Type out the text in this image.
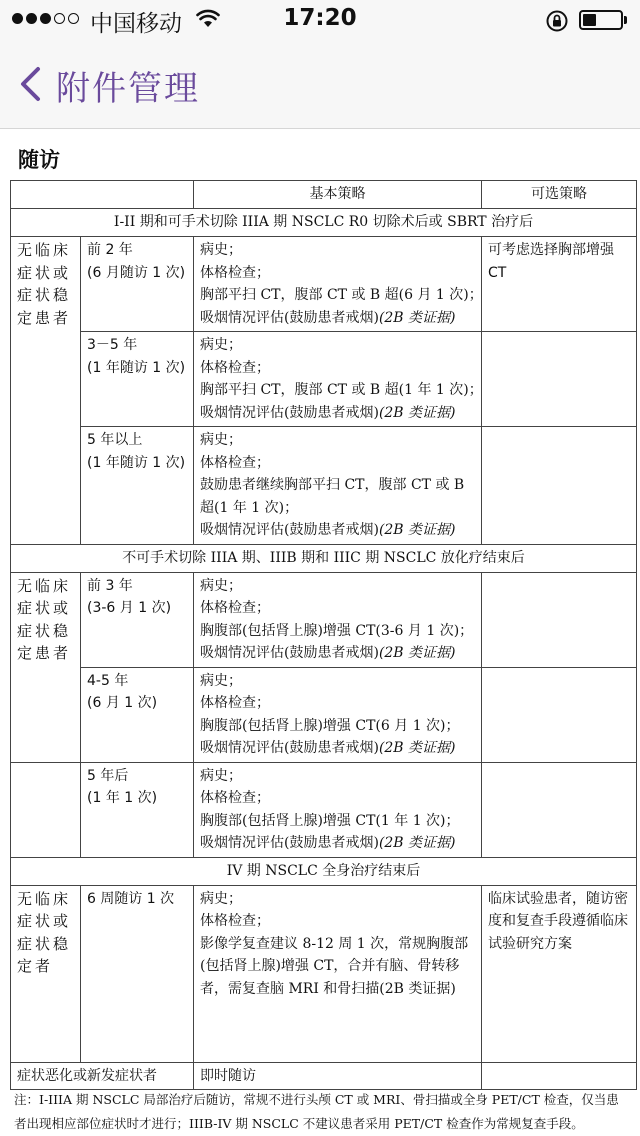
中国移动	17:20
附件管理
随访
		基本策略	可选策略
I-II 期和可手术切除 IIIA 期 NSCLC R0 切除术后或 SBRT 治疗后			
无临床症状或症状稳定患者	前 2 年
(6 月随访 1 次)	病史；
体格检查；
胸部平扫 CT，腹部 CT 或 B 超(6 月 1 次)；
吸烟情况评估(鼓励患者戒烟)(2B 类证据)	可考虑选择胸部增强 CT

	3－5 年
(1 年随访 1 次)	病史；
体格检查；
胸部平扫 CT，腹部 CT 或 B 超(1 年 1 次)；
吸烟情况评估(鼓励患者戒烟)(2B 类证据)	

	5 年以上
(1 年随访 1 次)	病史；
体格检查；
鼓励患者继续胸部平扫 CT，腹部 CT 或 B 超(1 年 1 次)；
吸烟情况评估(鼓励患者戒烟)(2B 类证据)	

不可手术切除 IIIA 期、IIIB 期和 IIIC 期 NSCLC 放化疗结束后			
无临床症状或症状稳定患者	前 3 年
(3-6 月 1 次)	病史；
体格检查；
胸腹部(包括肾上腺)增强 CT(3-6 月 1 次)；
吸烟情况评估(鼓励患者戒烟)(2B 类证据)	

	4-5 年
(6 月 1 次)	病史；
体格检查；
胸腹部(包括肾上腺)增强 CT(6 月 1 次)；
吸烟情况评估(鼓励患者戒烟)(2B 类证据)	

	5 年后
(1 年 1 次)	病史；
体格检查；
胸腹部(包括肾上腺)增强 CT(1 年 1 次)；
吸烟情况评估(鼓励患者戒烟)(2B 类证据)	

IV 期 NSCLC 全身治疗结束后			
无临床症状或症状稳定者	6 周随访 1 次	病史；
体格检查；
影像学复查建议 8-12 周 1 次，常规胸腹部(包括肾上腺)增强 CT，合并有脑、骨转移者，需复查脑 MRI 和骨扫描(2B 类证据)	临床试验患者，随访密度和复查手段遵循临床试验研究方案
症状恶化或新发症状者		即时随访	
注：I-IIIA 期 NSCLC 局部治疗后随访，常规不进行头颅 CT 或 MRI、骨扫描或全身 PET/CT 检查，仅当患者出现相应部位症状时才进行；IIIB-IV 期 NSCLC 不建议患者采用 PET/CT 检查作为常规复查手段。
